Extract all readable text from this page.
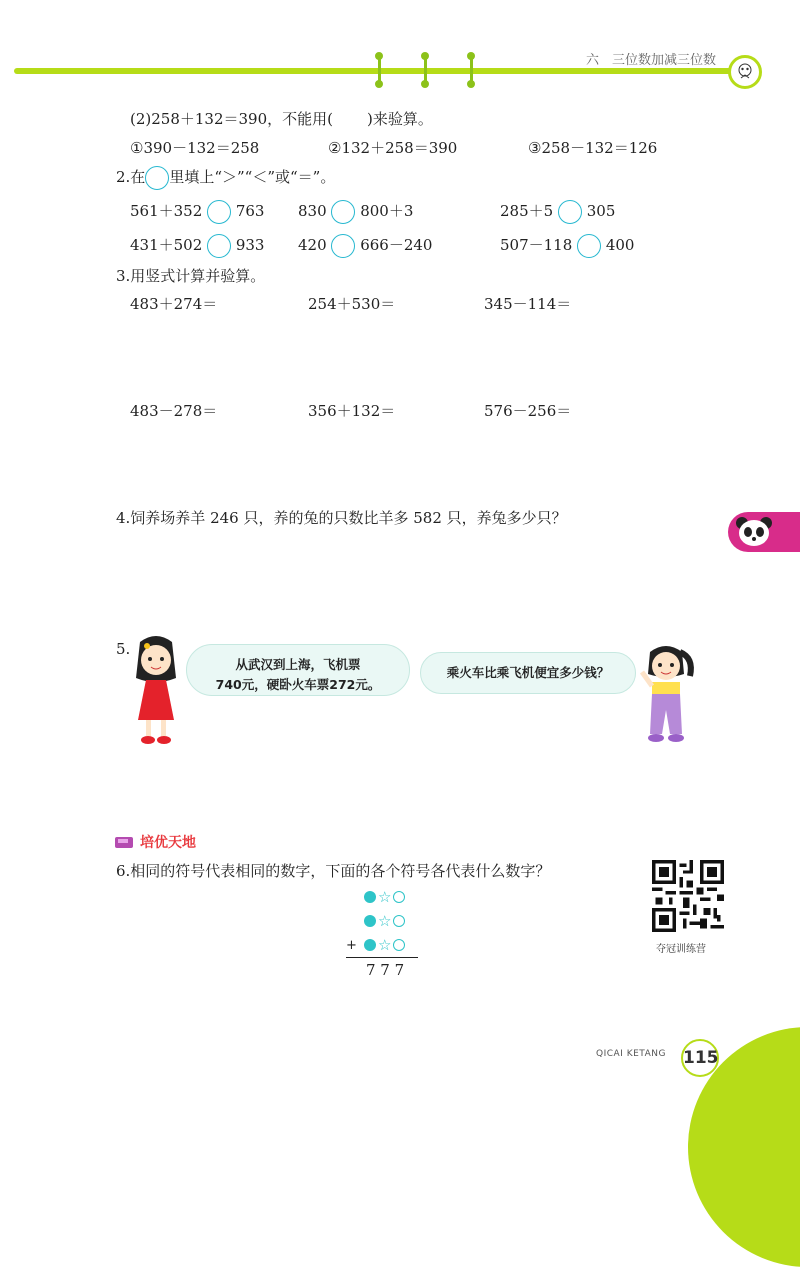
六 三位数加减三位数
(2)258＋132＝390，不能用( )来验算。
①390－132＝258	②132＋258＝390	③258－132＝126
2.在 里填上“＞”“＜”或“＝”。
561＋352 763 830 800＋3	285＋5 305
431＋502 933 420 666－240	507－118 400
3.用竖式计算并验算。
483＋274＝	254＋530＝	345－114＝
483－278＝	356＋132＝	576－256＝
4.饲养场养羊 246 只，养的兔的只数比羊多 582 只，养兔多少只？
5.
从武汉到上海，飞机票
740元，硬卧火车票272元。
乘火车比乘飞机便宜多少钱？
培优天地
6.相同的符号代表相同的数字，下面的各个符号各代表什么数字？
☆
☆
+	☆
7 7 7
夺冠训练营
QICAI KETANG 115
